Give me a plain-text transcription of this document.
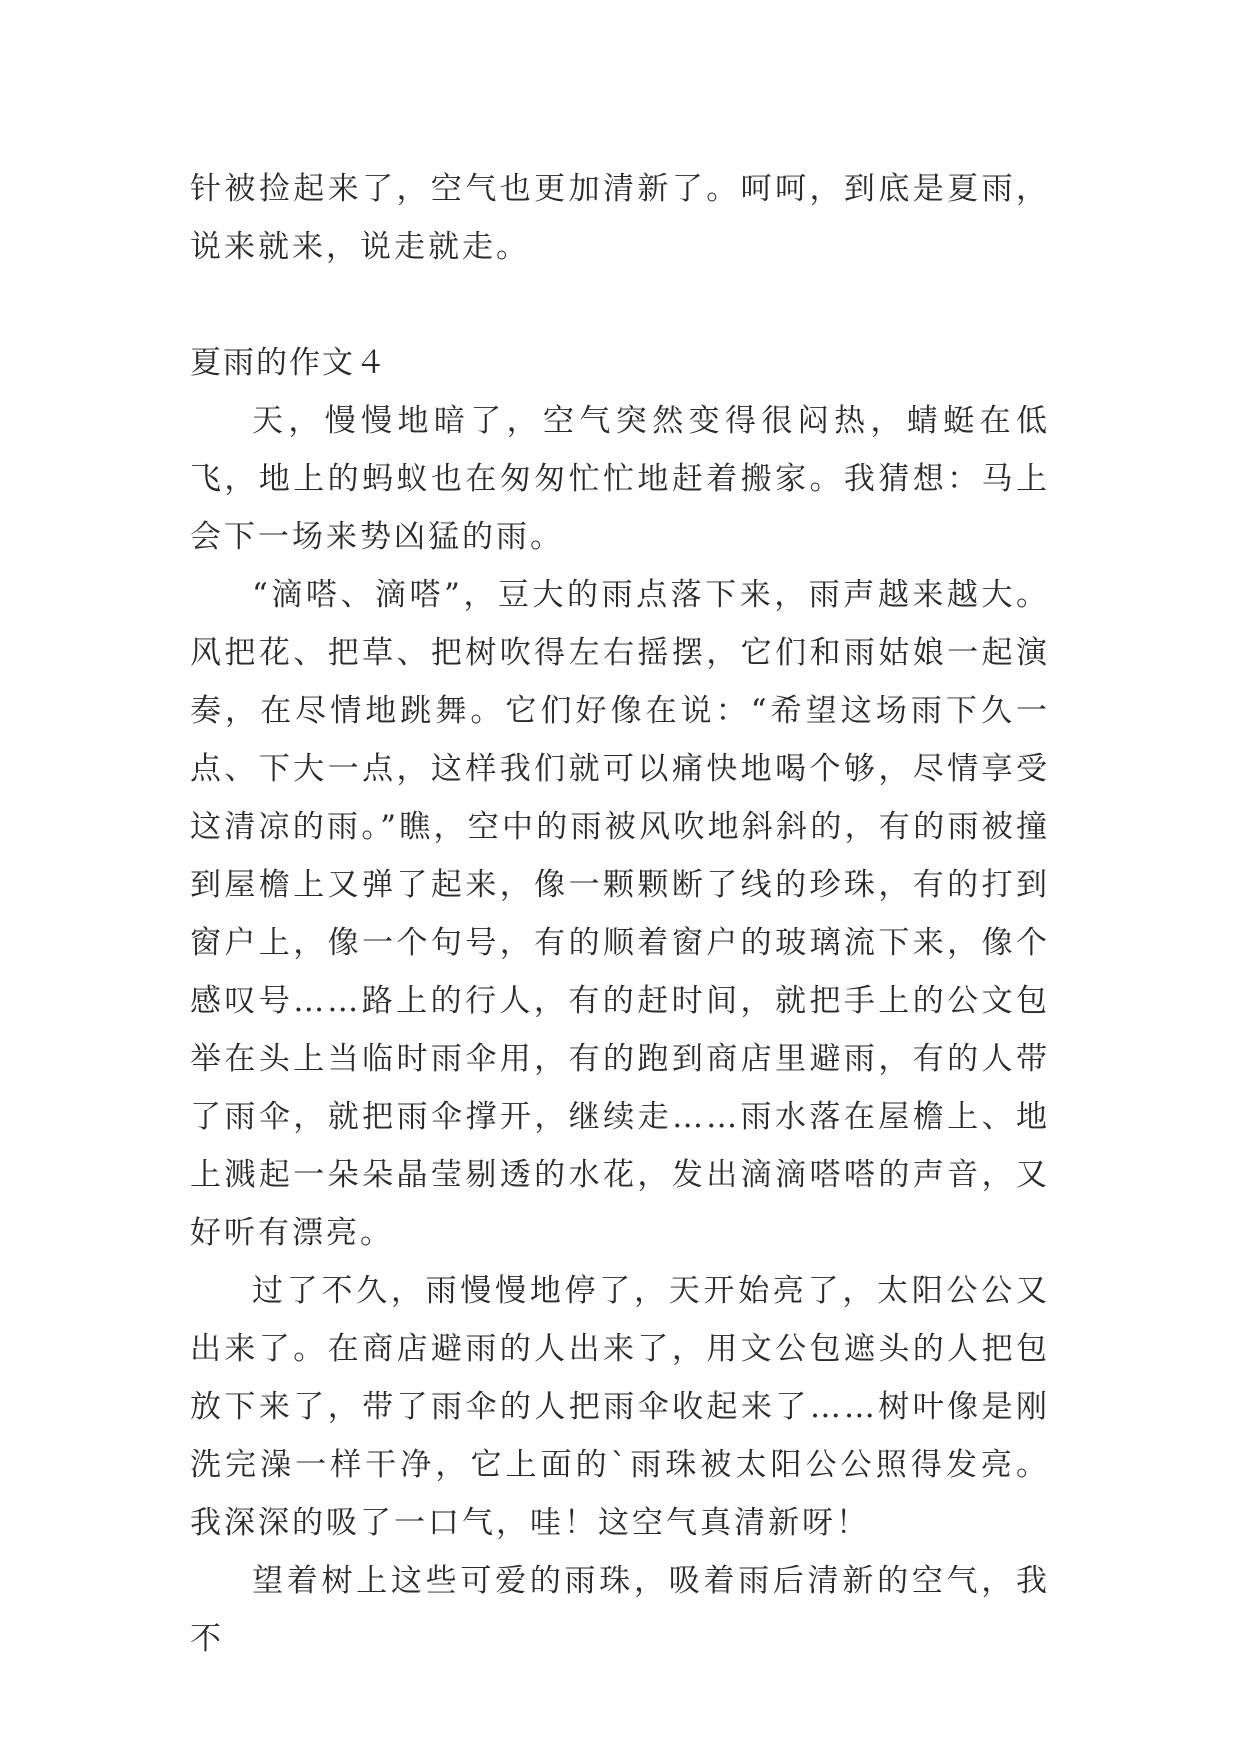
针被捡起来了，空气也更加清新了。呵呵，到底是夏雨，说来就来，说走就走。

夏雨的作文４

天，慢慢地暗了，空气突然变得很闷热，蜻蜓在低飞，地上的蚂蚁也在匆匆忙忙地赶着搬家。我猜想：马上会下一场来势凶猛的雨。

“滴嗒、滴嗒”，豆大的雨点落下来，雨声越来越大。风把花、把草、把树吹得左右摇摆，它们和雨姑娘一起演奏，在尽情地跳舞。它们好像在说：“希望这场雨下久一点、下大一点，这样我们就可以痛快地喝个够，尽情享受这清凉的雨。”瞧，空中的雨被风吹地斜斜的，有的雨被撞到屋檐上又弹了起来，像一颗颗断了线的珍珠，有的打到窗户上，像一个句号，有的顺着窗户的玻璃流下来，像个感叹号……路上的行人，有的赶时间，就把手上的公文包举在头上当临时雨伞用，有的跑到商店里避雨，有的人带了雨伞，就把雨伞撑开，继续走……雨水落在屋檐上、地上溅起一朵朵晶莹剔透的水花，发出滴滴嗒嗒的声音，又好听有漂亮。

过了不久，雨慢慢地停了，天开始亮了，太阳公公又出来了。在商店避雨的人出来了，用文公包遮头的人把包放下来了，带了雨伞的人把雨伞收起来了……树叶像是刚洗完澡一样干净，它上面的`雨珠被太阳公公照得发亮。我深深的吸了一口气，哇！这空气真清新呀！

望着树上这些可爱的雨珠，吸着雨后清新的空气，我不
